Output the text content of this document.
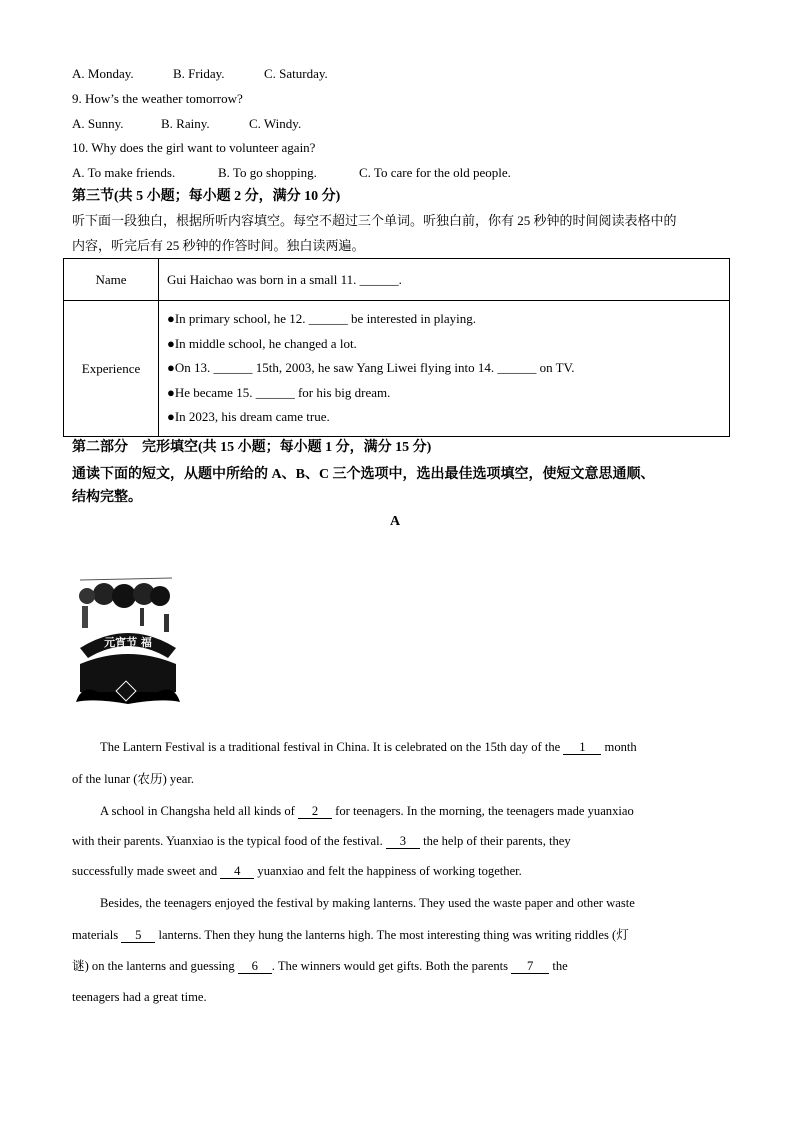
A. Monday.	B. Friday.	C. Saturday.
9. How’s the weather tomorrow?
A. Sunny.	B. Rainy.	C. Windy.
10. Why does the girl want to volunteer again?
A. To make friends.	B. To go shopping.	C. To care for the old people.
第三节(共 5 小题；每小题 2 分，满分 10 分)
听下面一段独白，根据所听内容填空。每空不超过三个单词。听独白前，你有 25 秒钟的时间阅读表格中的
内容，听完后有 25 秒钟的作答时间。独白读两遍。
Name	Gui Haichao was born in a small 11. ______.
Experience	●In primary school, he 12. ______ be interested in playing.
●In middle school, he changed a lot.
●On 13. ______ 15th, 2003, he saw Yang Liwei flying into 14. ______ on TV.
●He became 15. ______ for his big dream.
●In 2023, his dream came true.
第二部分　完形填空(共 15 小题；每小题 1 分，满分 15 分)
通读下面的短文，从题中所给的 A、B、C 三个选项中，选出最佳选项填空，使短文意思通顺、
结构完整。
A
元宵节 福
The Lantern Festival is a traditional festival in China. It is celebrated on the 15th day of the 1 month
of the lunar (农历) year.
A school in Changsha held all kinds of 2 for teenagers. In the morning, the teenagers made yuanxiao
with their parents. Yuanxiao is the typical food of the festival. 3 the help of their parents, they
successfully made sweet and 4 yuanxiao and felt the happiness of working together.
Besides, the teenagers enjoyed the festival by making lanterns. They used the waste paper and other waste
materials 5 lanterns. Then they hung the lanterns high. The most interesting thing was writing riddles (灯
谜) on the lanterns and guessing 6 . The winners would get gifts. Both the parents 7 the
teenagers had a great time.
